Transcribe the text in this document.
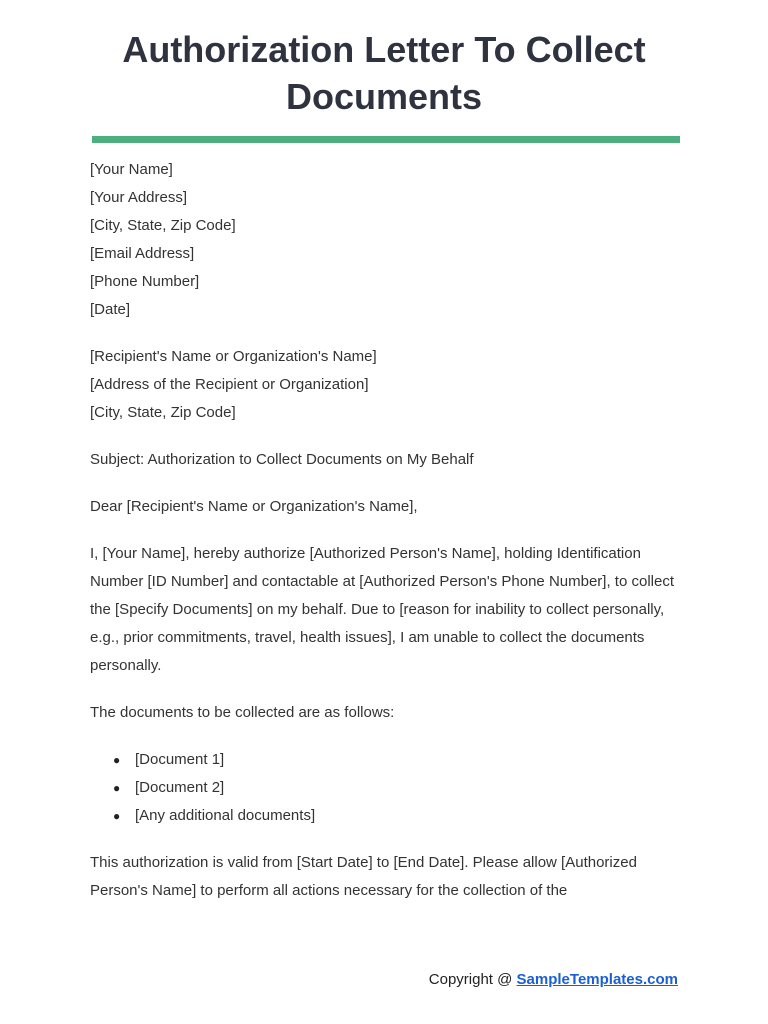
Authorization Letter To Collect Documents
[Your Name]
[Your Address]
[City, State, Zip Code]
[Email Address]
[Phone Number]
[Date]
[Recipient's Name or Organization's Name]
[Address of the Recipient or Organization]
[City, State, Zip Code]

Subject: Authorization to Collect Documents on My Behalf

Dear [Recipient's Name or Organization's Name],

I, [Your Name], hereby authorize [Authorized Person's Name], holding Identification Number [ID Number] and contactable at [Authorized Person's Phone Number], to collect the [Specify Documents] on my behalf. Due to [reason for inability to collect personally, e.g., prior commitments, travel, health issues], I am unable to collect the documents personally.

The documents to be collected are as follows:

● [Document 1]
● [Document 2]
● [Any additional documents]

This authorization is valid from [Start Date] to [End Date]. Please allow [Authorized Person's Name] to perform all actions necessary for the collection of the

Copyright @ SampleTemplates.com
